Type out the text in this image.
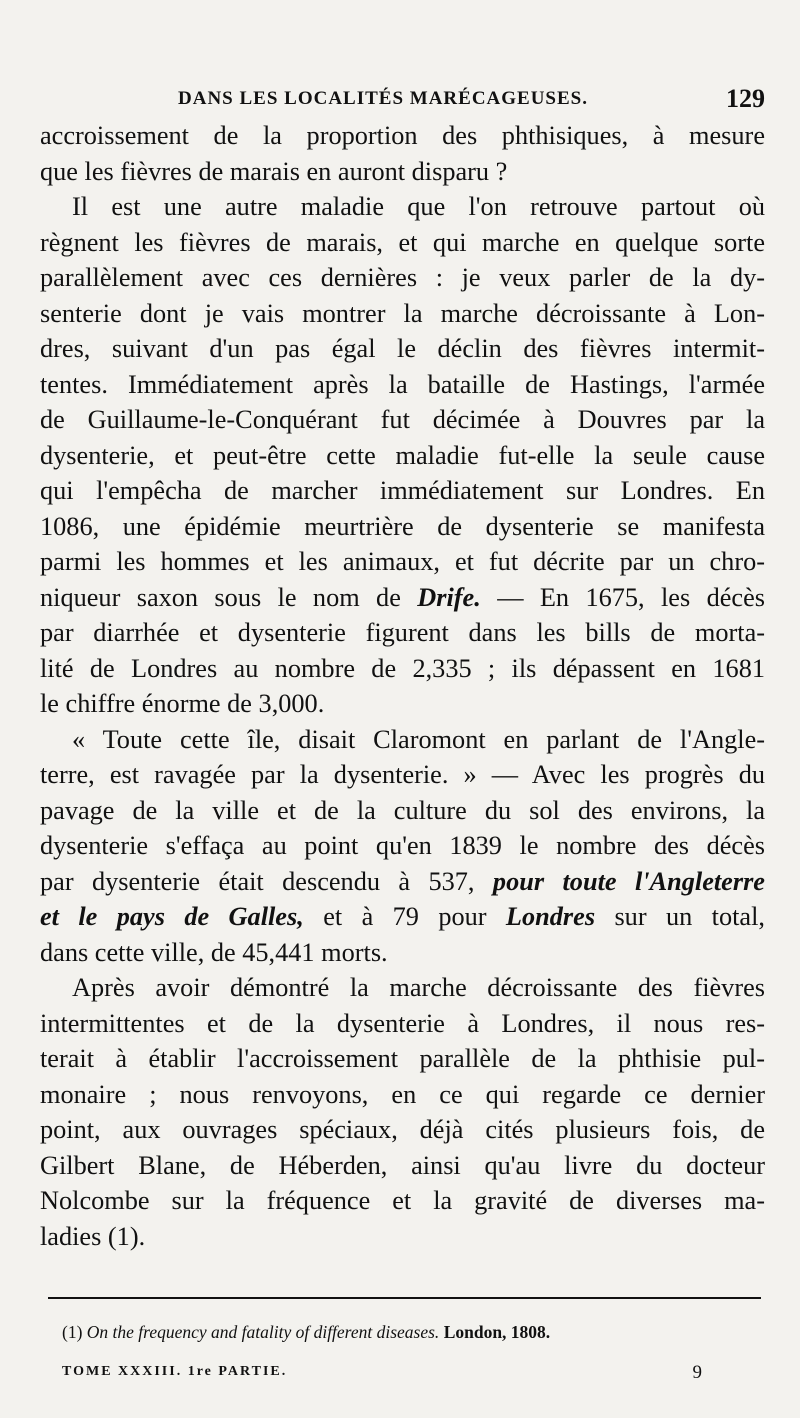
DANS LES LOCALITÉS MARÉCAGEUSES.	129
accroissement de la proportion des phthisiques, à mesure
que les fièvres de marais en auront disparu ?
Il est une autre maladie que l'on retrouve partout où
règnent les fièvres de marais, et qui marche en quelque sorte
parallèlement avec ces dernières : je veux parler de la dy-
senterie dont je vais montrer la marche décroissante à Lon-
dres, suivant d'un pas égal le déclin des fièvres intermit-
tentes. Immédiatement après la bataille de Hastings, l'armée
de Guillaume-le-Conquérant fut décimée à Douvres par la
dysenterie, et peut-être cette maladie fut-elle la seule cause
qui l'empêcha de marcher immédiatement sur Londres. En
1086, une épidémie meurtrière de dysenterie se manifesta
parmi les hommes et les animaux, et fut décrite par un chro-
niqueur saxon sous le nom de Drife. — En 1675, les décès
par diarrhée et dysenterie figurent dans les bills de morta-
lité de Londres au nombre de 2,335 ; ils dépassent en 1681
le chiffre énorme de 3,000.
« Toute cette île, disait Claromont en parlant de l'Angle-
terre, est ravagée par la dysenterie. » — Avec les progrès du
pavage de la ville et de la culture du sol des environs, la
dysenterie s'effaça au point qu'en 1839 le nombre des décès
par dysenterie était descendu à 537, pour toute l'Angleterre
et le pays de Galles, et à 79 pour Londres sur un total,
dans cette ville, de 45,441 morts.
Après avoir démontré la marche décroissante des fièvres
intermittentes et de la dysenterie à Londres, il nous res-
terait à établir l'accroissement parallèle de la phthisie pul-
monaire ; nous renvoyons, en ce qui regarde ce dernier
point, aux ouvrages spéciaux, déjà cités plusieurs fois, de
Gilbert Blane, de Héberden, ainsi qu'au livre du docteur
Nolcombe sur la fréquence et la gravité de diverses ma-
ladies (1).
(1) On the frequency and fatality of different diseases. London, 1808.
TOME XXXIII. 1re PARTIE.	9
